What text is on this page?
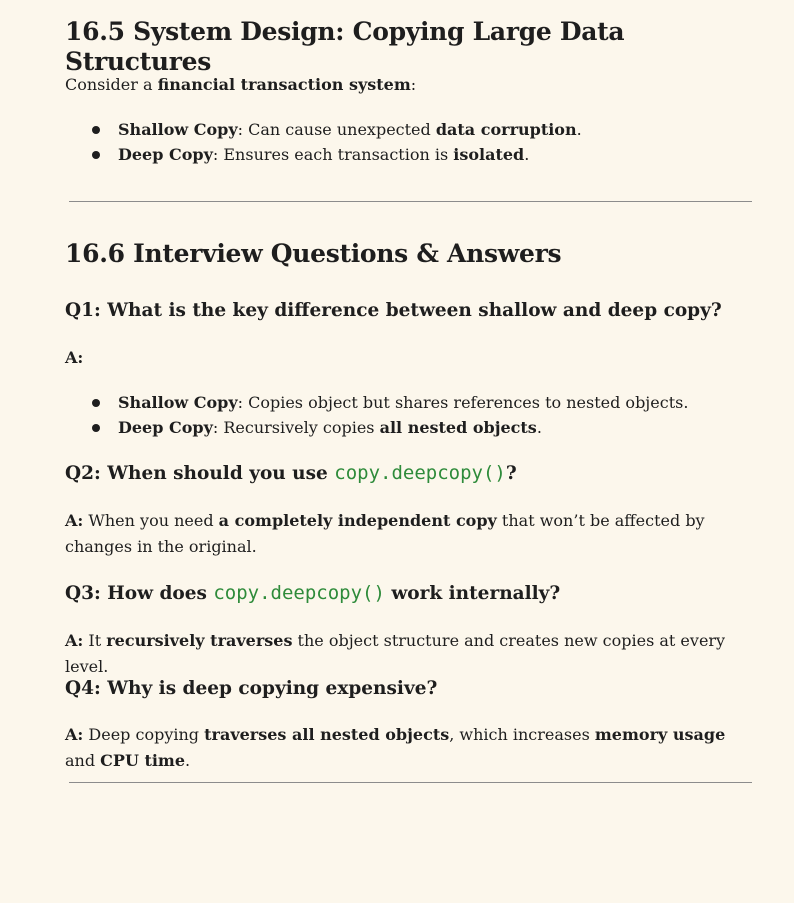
16.5 System Design: Copying Large Data Structures

Consider a financial transaction system:

Shallow Copy: Can cause unexpected data corruption.
Deep Copy: Ensures each transaction is isolated.
16.6 Interview Questions & Answers
Q1: What is the key difference between shallow and deep copy?

A:

Shallow Copy: Copies object but shares references to nested objects.
Deep Copy: Recursively copies all nested objects.
Q2: When should you use copy.deepcopy()?

A: When you need a completely independent copy that won’t be affected by changes in the original.

Q3: How does copy.deepcopy() work internally?

A: It recursively traverses the object structure and creates new copies at every level.

Q4: Why is deep copying expensive?

A: Deep copying traverses all nested objects, which increases memory usage and CPU time.
